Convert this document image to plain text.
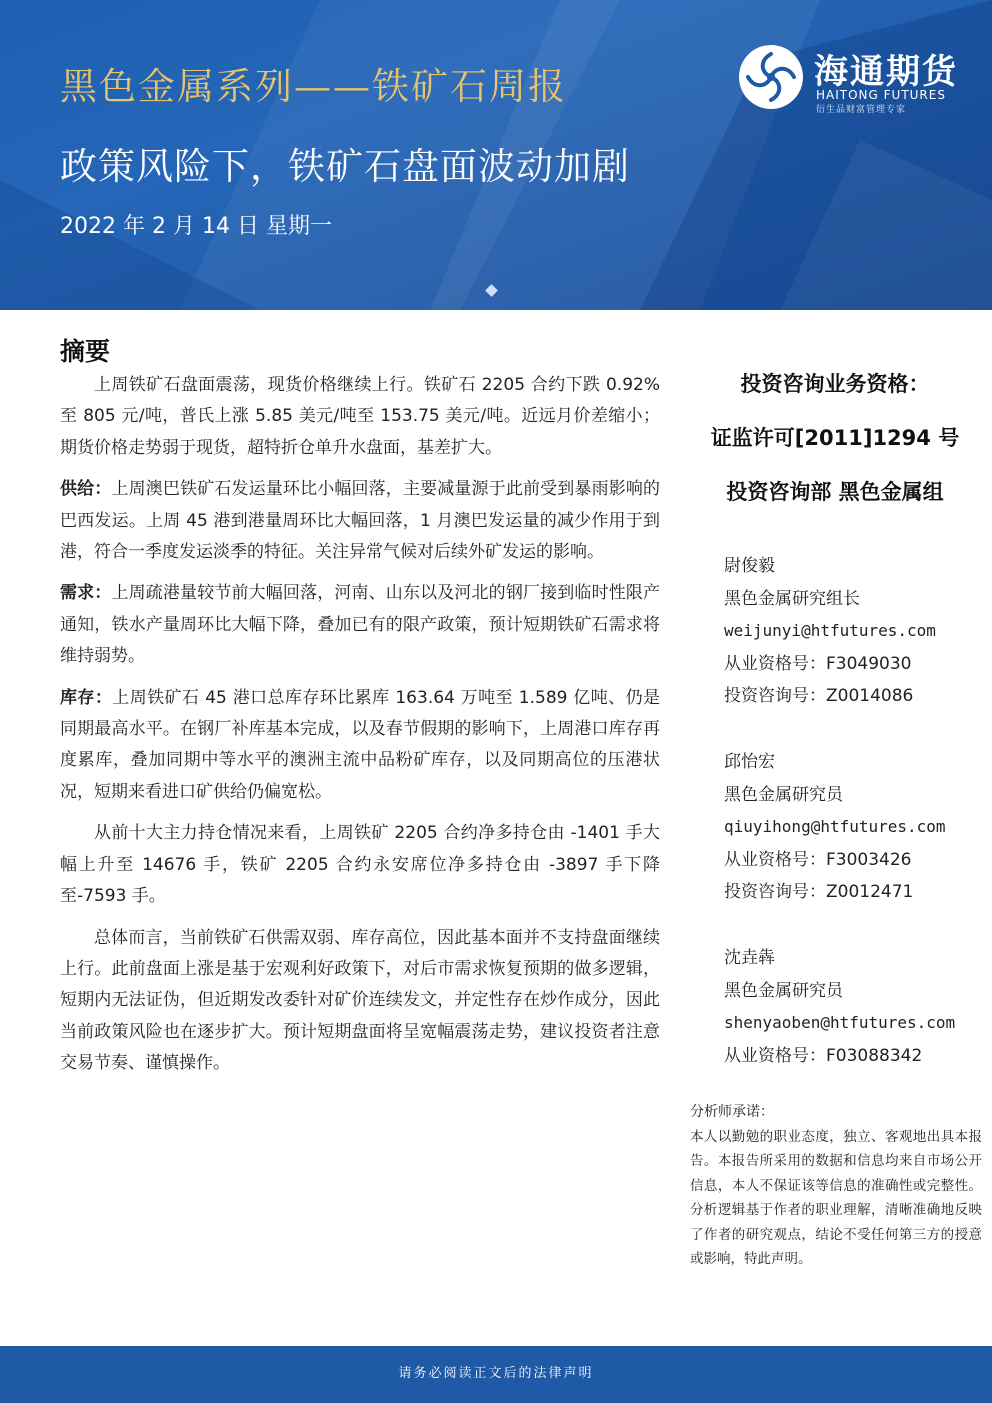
黑色金属系列——铁矿石周报
政策风险下，铁矿石盘面波动加剧
2022 年 2 月 14 日 星期一
海通期货
HAITONG FUTURES
衍生品财富管理专家
摘要

上周铁矿石盘面震荡，现货价格继续上行。铁矿石 2205 合约下跌 0.92%至 805 元/吨，普氏上涨 5.85 美元/吨至 153.75 美元/吨。近远月价差缩小；期货价格走势弱于现货，超特折仓单升水盘面，基差扩大。

供给：上周澳巴铁矿石发运量环比小幅回落，主要减量源于此前受到暴雨影响的巴西发运。上周 45 港到港量周环比大幅回落，1 月澳巴发运量的减少作用于到港，符合一季度发运淡季的特征。关注异常气候对后续外矿发运的影响。

需求：上周疏港量较节前大幅回落，河南、山东以及河北的钢厂接到临时性限产通知，铁水产量周环比大幅下降，叠加已有的限产政策，预计短期铁矿石需求将维持弱势。

库存：上周铁矿石 45 港口总库存环比累库 163.64 万吨至 1.589 亿吨、仍是同期最高水平。在钢厂补库基本完成，以及春节假期的影响下，上周港口库存再度累库，叠加同期中等水平的澳洲主流中品粉矿库存，以及同期高位的压港状况，短期来看进口矿供给仍偏宽松。

从前十大主力持仓情况来看，上周铁矿 2205 合约净多持仓由 -1401 手大幅上升至 14676 手，铁矿 2205 合约永安席位净多持仓由 -3897 手下降至-7593 手。

总体而言，当前铁矿石供需双弱、库存高位，因此基本面并不支持盘面继续上行。此前盘面上涨是基于宏观利好政策下，对后市需求恢复预期的做多逻辑，短期内无法证伪，但近期发改委针对矿价连续发文，并定性存在炒作成分，因此当前政策风险也在逐步扩大。预计短期盘面将呈宽幅震荡走势，建议投资者注意交易节奏、谨慎操作。

投资咨询业务资格：
证监许可[2011]1294 号
投资咨询部 黑色金属组
尉俊毅
黑色金属研究组长
weijunyi@htfutures.com
从业资格号：F3049030
投资咨询号：Z0014086
邱怡宏
黑色金属研究员
qiuyihong@htfutures.com
从业资格号：F3003426
投资咨询号：Z0012471
沈垚犇
黑色金属研究员
shenyaoben@htfutures.com
从业资格号：F03088342
分析师承诺：
本人以勤勉的职业态度，独立、客观地出具本报告。本报告所采用的数据和信息均来自市场公开信息，本人不保证该等信息的准确性或完整性。分析逻辑基于作者的职业理解，清晰准确地反映了作者的研究观点，结论不受任何第三方的授意或影响，特此声明。
请务必阅读正文后的法律声明
